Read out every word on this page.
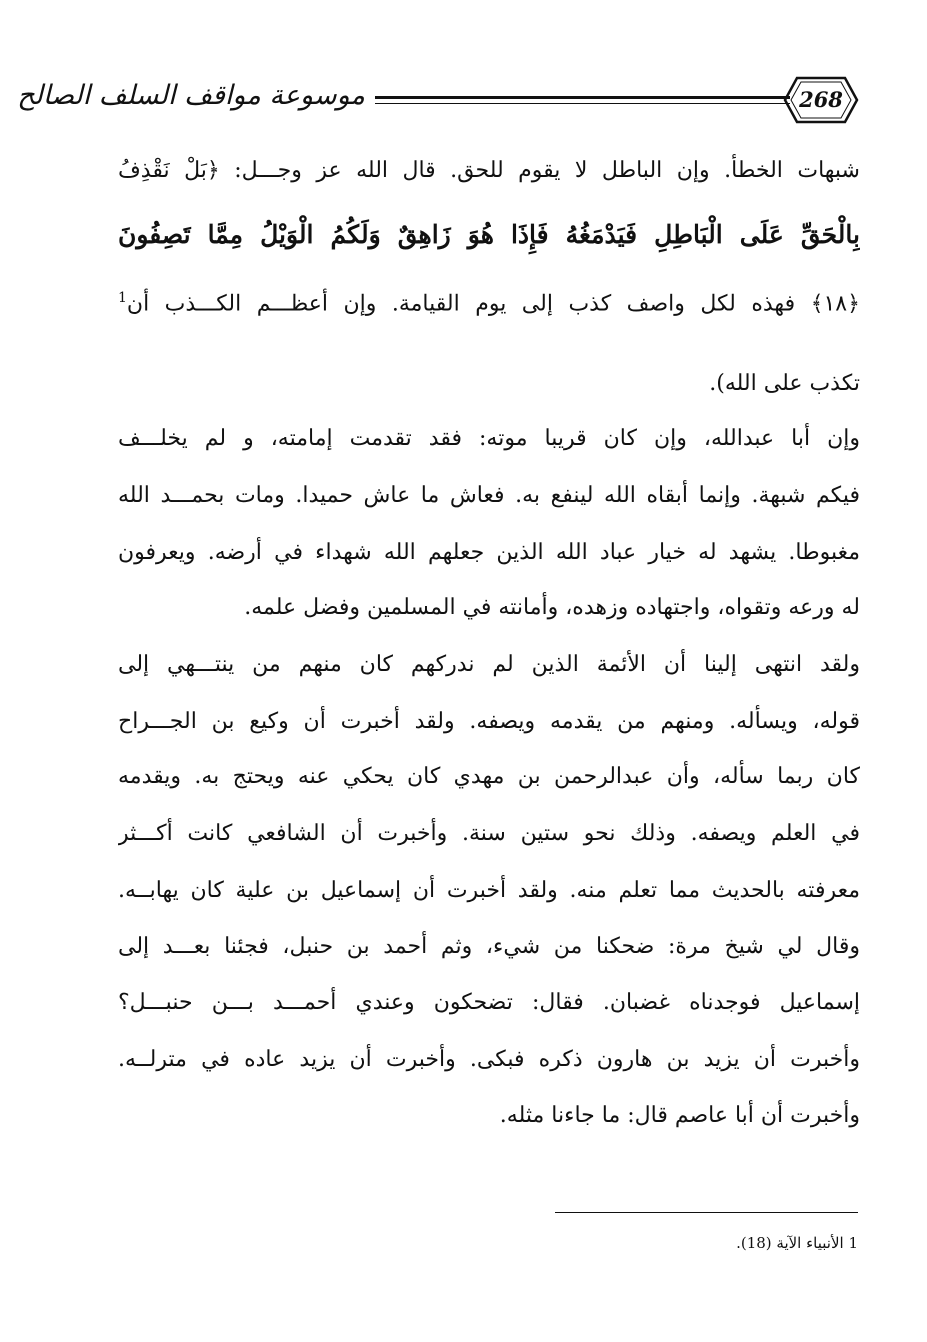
موسوعة مواقف السلف الصالح	268
شبهات الخطأ. وإن الباطل لا يقوم للحق. قال الله عز وجـــل: ﴿بَلْ نَقْذِفُ
بِالْحَقِّ عَلَى الْبَاطِلِ فَيَدْمَغُهُ فَإِذَا هُوَ زَاهِقٌ وَلَكُمُ الْوَيْلُ مِمَّا تَصِفُونَ
﴿١٨﴾ فهذه لكل واصف كذب إلى يوم القيامة. وإن أعظـــم الكـــذب أن$^1$
تكذب على الله).
وإن أبا عبدالله، وإن كان قريبا موته: فقد تقدمت إمامته، و لم يخلـــف
فيكم شبهة. وإنما أبقاه الله لينفع به. فعاش ما عاش حميدا. ومات بحمـــد الله
مغبوطا. يشهد له خيار عباد الله الذين جعلهم الله شهداء في أرضه. ويعرفون
له ورعه وتقواه، واجتهاده وزهده، وأمانته في المسلمين وفضل علمه.
ولقد انتهى إلينا أن الأئمة الذين لم ندركهم كان منهم من ينتـــهي إلى
قوله، ويسأله. ومنهم من يقدمه ويصفه. ولقد أخبرت أن وكيع بن الجـــراح
كان ربما سأله، وأن عبدالرحمن بن مهدي كان يحكي عنه ويحتج به. ويقدمه
في العلم ويصفه. وذلك نحو ستين سنة. وأخبرت أن الشافعي كانت أكـــثر
معرفته بالحديث مما تعلم منه. ولقد أخبرت أن إسماعيل بن علية كان يهابــه.
وقال لي شيخ مرة: ضحكنا من شيء، وثم أحمد بن حنبل، فجئنا بعـــد إلى
إسماعيل فوجدناه غضبان. فقال: تضحكون وعندي أحمـــد بـــن حنبـــل؟
وأخبرت أن يزيد بن هارون ذكره فبكى. وأخبرت أن يزيد عاده في مترلــه.
وأخبرت أن أبا عاصم قال: ما جاءنا مثله.
1 الأنبياء الآية (18).
